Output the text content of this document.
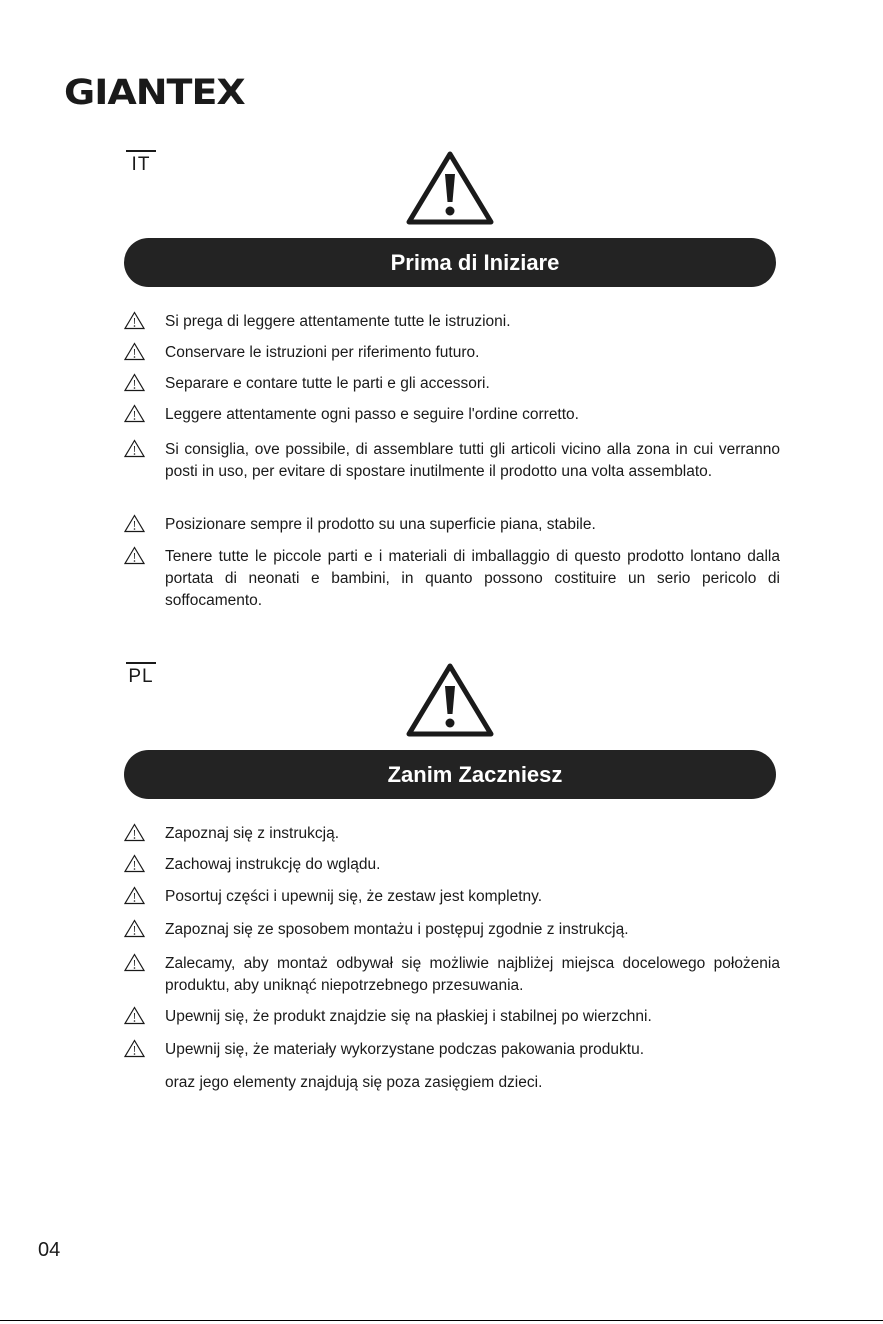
GIANTEX
IT
Prima di Iniziare
Si prega di leggere attentamente tutte le istruzioni.
Conservare le istruzioni per riferimento futuro.
Separare e contare tutte le parti e gli accessori.
Leggere attentamente ogni passo e seguire l'ordine corretto.
Si consiglia, ove possibile, di assemblare tutti gli articoli vicino alla zona in cui verranno posti in uso, per evitare di spostare inutilmente il prodotto una volta assemblato.
Posizionare sempre il prodotto su una superficie piana, stabile.
Tenere tutte le piccole parti e i materiali di imballaggio di questo prodotto lontano dalla portata di neonati e bambini, in quanto possono costituire un serio pericolo di soffocamento.
PL
Zanim Zaczniesz
Zapoznaj się z instrukcją.
Zachowaj instrukcję do wglądu.
Posortuj części i upewnij się, że zestaw jest kompletny.
Zapoznaj się ze sposobem montażu i postępuj zgodnie z instrukcją.
Zalecamy, aby montaż odbywał się możliwie najbliżej miejsca docelowego położenia produktu, aby uniknąć niepotrzebnego przesuwania.
Upewnij się, że produkt znajdzie się na płaskiej i stabilnej po wierzchni.
Upewnij się, że materiały wykorzystane podczas pakowania produktu.
oraz jego elementy znajdują się poza zasięgiem dzieci.
04
